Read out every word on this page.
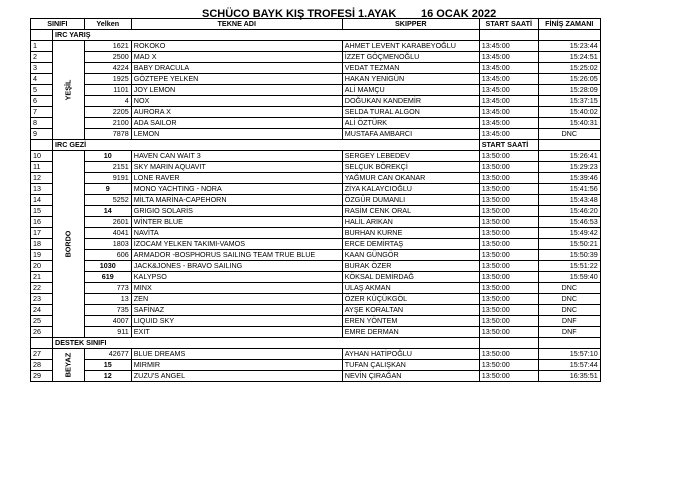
SCHÜCO BAYK KIŞ TROFESİ 1.AYAK 16 OCAK 2022
SINIFI		Yelken	TEKNE ADI	SKIPPER	START SAATİ	FİNİŞ ZAMANI
	IRC YARIŞ					
1	YEŞİL	1621	ROKOKO	AHMET LEVENT KARABEYOĞLU	13:45:00	15:23:44
2		2500	MAD X	İZZET GÖÇMENOĞLU	13:45:00	15:24:51
3		4224	BABY DRACULA	VEDAT TEZMAN	13:45:00	15:25:02
4		1925	GÖZTEPE YELKEN	HAKAN YENİGÜN	13:45:00	15:26:05
5		1101	JOY LEMON	ALİ MAMÇU	13:45:00	15:28:09
6		4	NOX	DOĞUKAN KANDEMİR	13:45:00	15:37:15
7		2205	AURORA X	SELDA TURAL ALGON	13:45:00	15:40:02
8		2100	ADA SAILOR	ALİ ÖZTÜRK	13:45:00	15:40:31
9		7878	LEMON	MUSTAFA AMBARCI	13:45:00	DNC
	IRC GEZİ				START SAATİ	
10	BORDO	10	HAVEN CAN WAIT 3	SERGEY LEBEDEV	13:50:00	15:26:41
11		2151	SKY MARIN AQUAVIT	SELÇUK BÖREKÇİ	13:50:00	15:29:23
12		9191	LONE RAVER	YAĞMUR CAN OKANAR	13:50:00	15:39:46
13		9	MONO YACHTING - NORA	ZİYA KALAYCIOĞLU	13:50:00	15:41:56
14		5252	MİLTA MARİNA-CAPEHORN	ÖZGÜR DUMANLI	13:50:00	15:43:48
15		14	GRIGIO SOLARİS	RASİM CENK ORAL	13:50:00	15:46:20
16		2601	WİNTER BLUE	HALİL ARIKAN	13:50:00	15:46:53
17		4041	NAVİTA	BURHAN KURNE	13:50:00	15:49:42
18		1803	İZOCAM YELKEN TAKIMI-VAMOS	ERCE DEMİRTAŞ	13:50:00	15:50:21
19		606	ARMADOR -BOSPHORUS SAILING TEAM TRUE BLUE	KAAN GÜNGÖR	13:50:00	15:50:39
20		1030	JACK&JONES - BRAVO SAILING	BURAK ÖZER	13:50:00	15:51:22
21		619	KALYPSO	KÖKSAL DEMİRDAĞ	13:50:00	15:59:40
22		773	MINX	ULAŞ AKMAN	13:50:00	DNC
23		13	ZEN	ÖZER KÜÇÜKGÖL	13:50:00	DNC
24		735	SAFİNAZ	AYŞE KORALTAN	13:50:00	DNC
25		4007	LIQUID SKY	EREN YÖNTEM	13:50:00	DNF
26		911	EXIT	EMRE DERMAN	13:50:00	DNF
	DESTEK SINIFI					
27	BEYAZ	42677	BLUE DREAMS	AYHAN HATİPOĞLU	13:50:00	15:57:10
28		15	MIRMIR	TUFAN ÇALIŞKAN	13:50:00	15:57:44
29		12	ZUZU'S ANGEL	NEVİN ÇIRAĞAN	13:50:00	16:35:51
